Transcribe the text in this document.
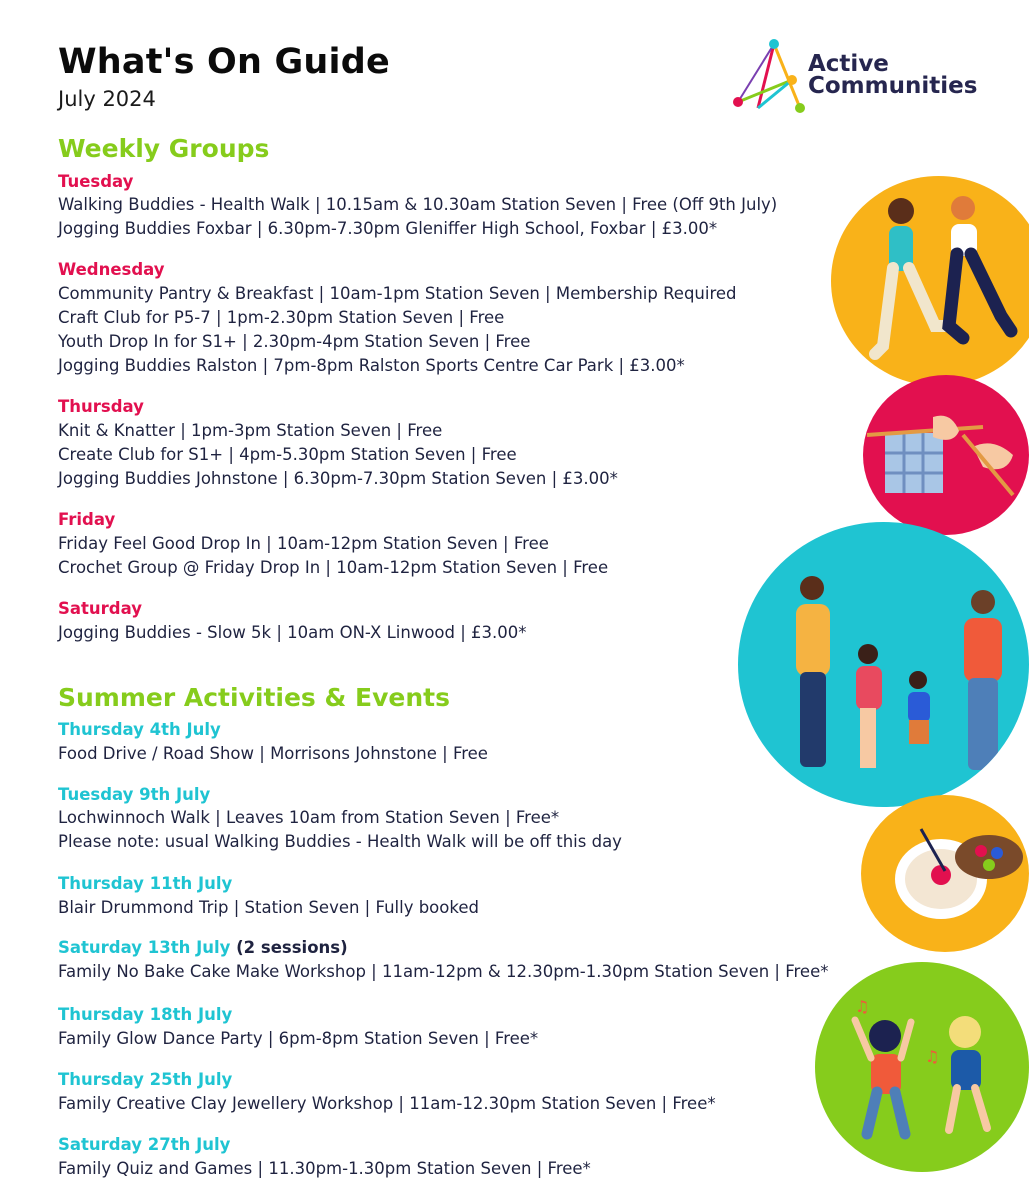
What's On Guide
July 2024
Active
Communities
Weekly Groups
Tuesday
Walking Buddies - Health Walk | 10.15am & 10.30am Station Seven | Free (Off 9th July)
Jogging Buddies Foxbar | 6.30pm-7.30pm Gleniffer High School, Foxbar | £3.00*
Wednesday
Community Pantry & Breakfast | 10am-1pm Station Seven | Membership Required
Craft Club for P5-7 | 1pm-2.30pm Station Seven | Free
Youth Drop In for S1+ | 2.30pm-4pm Station Seven | Free
Jogging Buddies Ralston | 7pm-8pm Ralston Sports Centre Car Park | £3.00*
Thursday
Knit & Knatter | 1pm-3pm Station Seven | Free
Create Club for S1+ | 4pm-5.30pm Station Seven | Free
Jogging Buddies Johnstone | 6.30pm-7.30pm Station Seven | £3.00*
Friday
Friday Feel Good Drop In | 10am-12pm Station Seven | Free
Crochet Group @ Friday Drop In | 10am-12pm Station Seven | Free
Saturday
Jogging Buddies - Slow 5k | 10am ON-X Linwood | £3.00*
Summer Activities & Events
Thursday 4th July
Food Drive / Road Show | Morrisons Johnstone | Free
Tuesday 9th July
Lochwinnoch Walk | Leaves 10am from Station Seven | Free*
Please note: usual Walking Buddies - Health Walk will be off this day
Thursday 11th July
Blair Drummond Trip | Station Seven | Fully booked
Saturday 13th July (2 sessions)
Family No Bake Cake Make Workshop | 11am-12pm & 12.30pm-1.30pm Station Seven | Free*
Thursday 18th July
Family Glow Dance Party | 6pm-8pm Station Seven | Free*
Thursday 25th July
Family Creative Clay Jewellery Workshop | 11am-12.30pm Station Seven | Free*
Saturday 27th July
Family Quiz and Games | 11.30pm-1.30pm Station Seven | Free*
♫
♫
